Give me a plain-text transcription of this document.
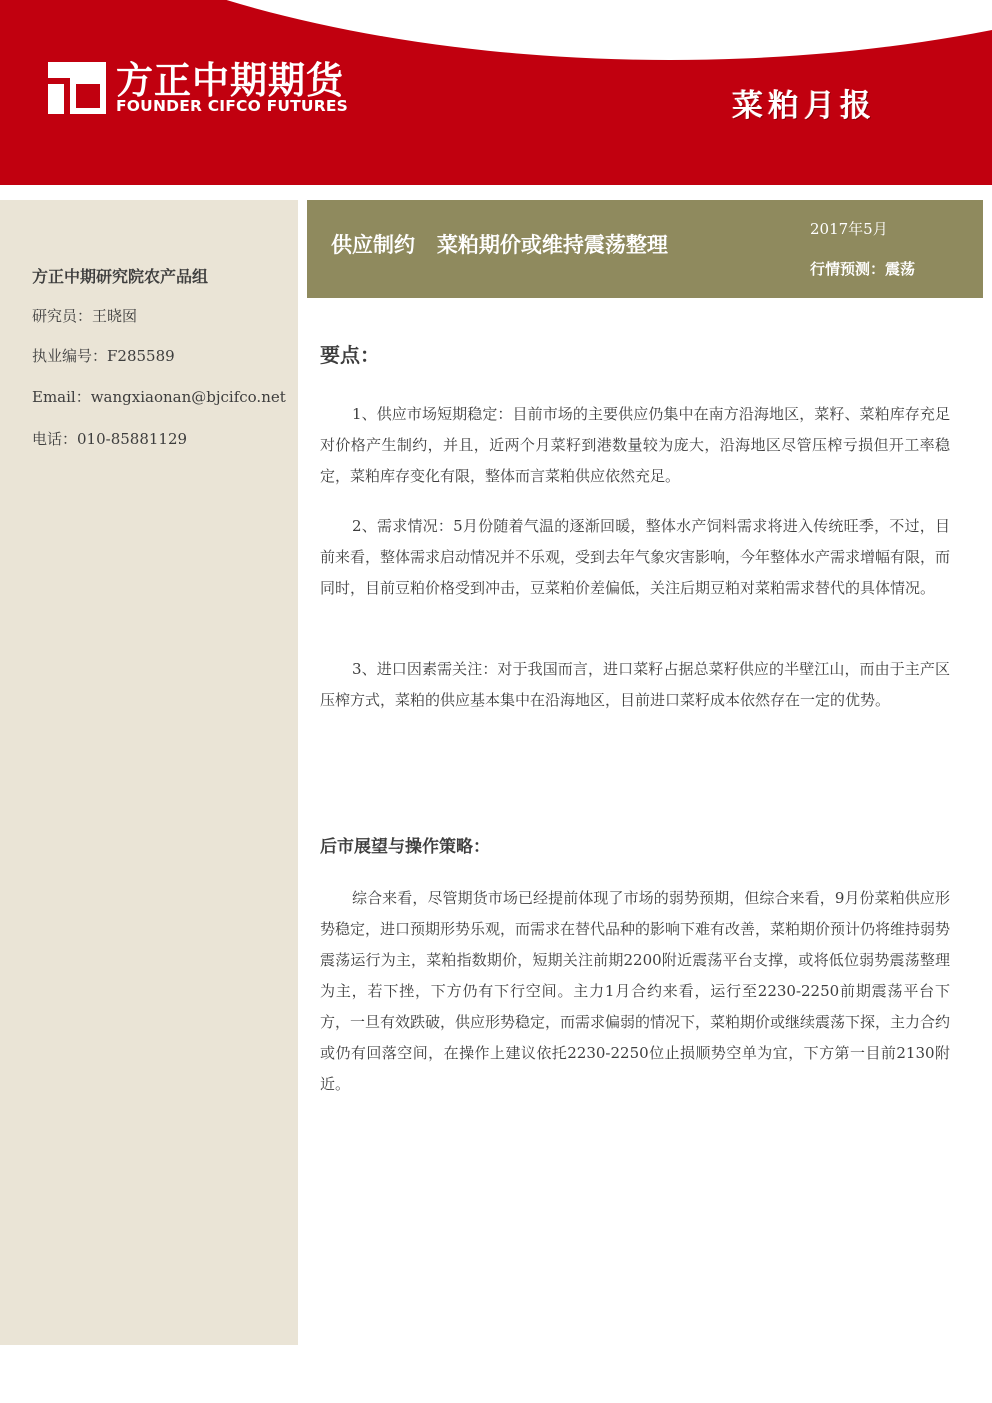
方正中期期货
FOUNDER CIFCO FUTURES	菜粕月报
方正中期研究院农产品组
研究员：王晓囡
执业编号：F285589
Email：wangxiaonan@bjcifco.net
电话：010-85881129
供应制约   菜粕期价或维持震荡整理
2017年5月
行情预测：震荡
要点：

1、供应市场短期稳定：目前市场的主要供应仍集中在南方沿海地区，菜籽、菜粕库存充足对价格产生制约，并且，近两个月菜籽到港数量较为庞大，沿海地区尽管压榨亏损但开工率稳定，菜粕库存变化有限，整体而言菜粕供应依然充足。

2、需求情况：5月份随着气温的逐渐回暖，整体水产饲料需求将进入传统旺季，不过，目前来看，整体需求启动情况并不乐观，受到去年气象灾害影响，今年整体水产需求增幅有限，而同时，目前豆粕价格受到冲击，豆菜粕价差偏低，关注后期豆粕对菜粕需求替代的具体情况。

3、进口因素需关注：对于我国而言，进口菜籽占据总菜籽供应的半壁江山，而由于主产区压榨方式，菜粕的供应基本集中在沿海地区，目前进口菜籽成本依然存在一定的优势。

后市展望与操作策略：

综合来看，尽管期货市场已经提前体现了市场的弱势预期，但综合来看，9月份菜粕供应形势稳定，进口预期形势乐观，而需求在替代品种的影响下难有改善，菜粕期价预计仍将维持弱势震荡运行为主，菜粕指数期价，短期关注前期2200附近震荡平台支撑，或将低位弱势震荡整理为主，若下挫，下方仍有下行空间。主力1月合约来看，运行至2230-2250前期震荡平台下方，一旦有效跌破，供应形势稳定，而需求偏弱的情况下，菜粕期价或继续震荡下探，主力合约或仍有回落空间，在操作上建议依托2230-2250位止损顺势空单为宜，下方第一目前2130附近。
